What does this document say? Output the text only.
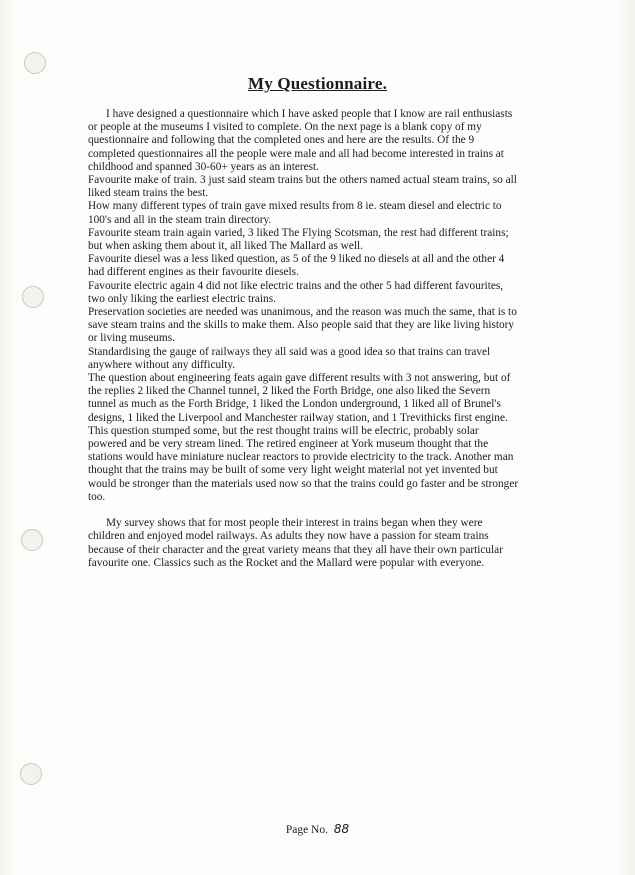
My Questionnaire.

I have designed a questionnaire which I have asked people that I know are rail enthusiasts or people at the museums I visited to complete. On the next page is a blank copy of my questionnaire and following that the completed ones and here are the results. Of the 9 completed questionnaires all the people were male and all had become interested in trains at childhood and spanned 30-60+ years as an interest.

Favourite make of train. 3 just said steam trains but the others named actual steam trains, so all liked steam trains the best.

How many different types of train gave mixed results from 8 ie. steam diesel and electric to 100's and all in the steam train directory.

Favourite steam train again varied, 3 liked The Flying Scotsman, the rest had different trains; but when asking them about it, all liked The Mallard as well.

Favourite diesel was a less liked question, as 5 of the 9 liked no diesels at all and the other 4 had different engines as their favourite diesels.

Favourite electric again 4 did not like electric trains and the other 5 had different favourites, two only liking the earliest electric trains.

Preservation societies are needed was unanimous, and the reason was much the same, that is to save steam trains and the skills to make them. Also people said that they are like living history or living museums.

Standardising the gauge of railways they all said was a good idea so that trains can travel anywhere without any difficulty.

The question about engineering feats again gave different results with 3 not answering, but of the replies 2 liked the Channel tunnel, 2 liked the Forth Bridge, one also liked the Severn tunnel as much as the Forth Bridge, 1 liked the London underground, 1 liked all of Brunel's designs, 1 liked the Liverpool and Manchester railway station, and 1 Trevithicks first engine.

This question stumped some, but the rest thought trains will be electric, probably solar powered and be very stream lined. The retired engineer at York museum thought that the stations would have miniature nuclear reactors to provide electricity to the track. Another man thought that the trains may be built of some very light weight material not yet invented but would be stronger than the materials used now so that the trains could go faster and be stronger too.

My survey shows that for most people their interest in trains began when they were children and enjoyed model railways. As adults they now have a passion for steam trains because of their character and the great variety means that they all have their own particular favourite one. Classics such as the Rocket and the Mallard were popular with everyone.

Page No. 88
